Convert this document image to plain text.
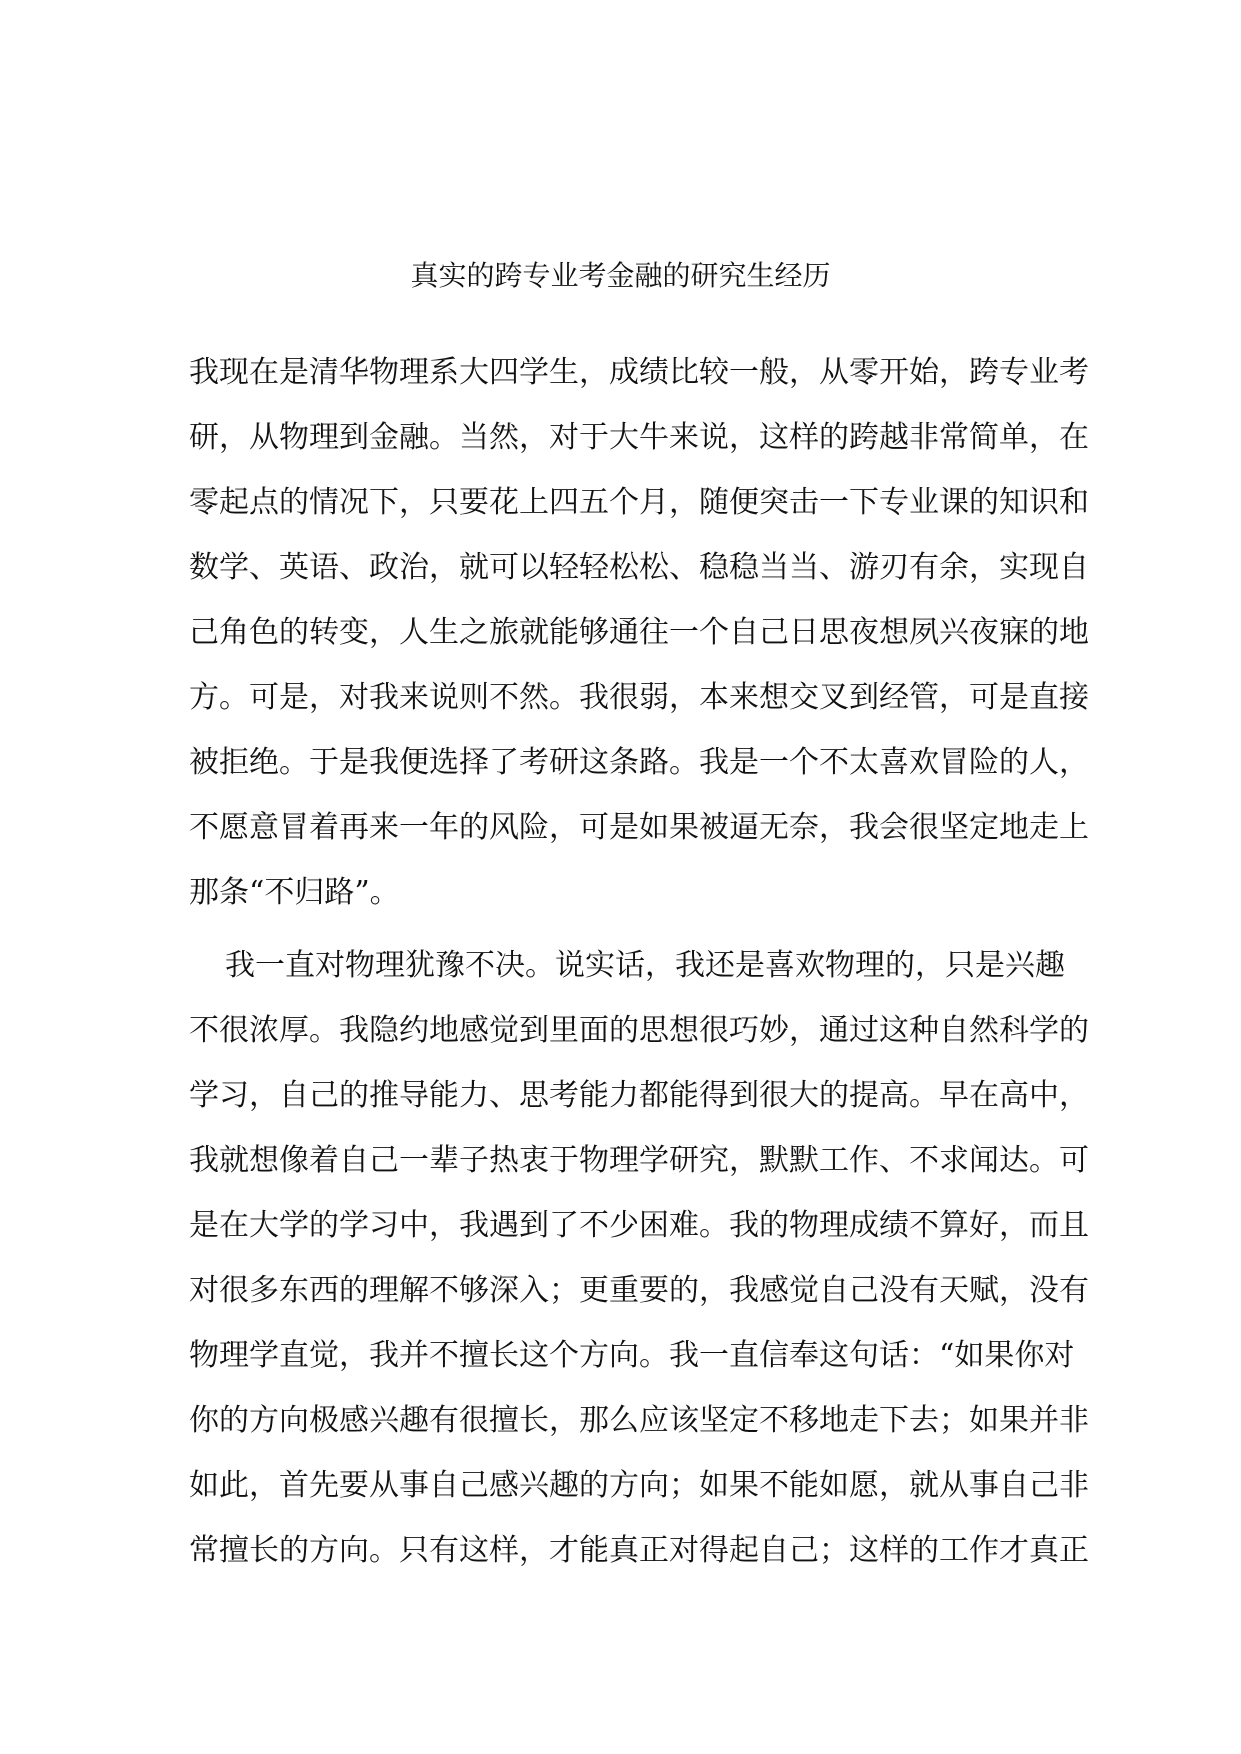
真实的跨专业考金融的研究生经历
我现在是清华物理系大四学生，成绩比较一般，从零开始，跨专业考
研，从物理到金融。当然，对于大牛来说，这样的跨越非常简单，在
零起点的情况下，只要花上四五个月，随便突击一下专业课的知识和
数学、英语、政治，就可以轻轻松松、稳稳当当、游刃有余，实现自
己角色的转变，人生之旅就能够通往一个自己日思夜想夙兴夜寐的地
方。可是，对我来说则不然。我很弱，本来想交叉到经管，可是直接
被拒绝。于是我便选择了考研这条路。我是一个不太喜欢冒险的人，
不愿意冒着再来一年的风险，可是如果被逼无奈，我会很坚定地走上
那条“不归路”。
我一直对物理犹豫不决。说实话，我还是喜欢物理的，只是兴趣
不很浓厚。我隐约地感觉到里面的思想很巧妙，通过这种自然科学的
学习，自己的推导能力、思考能力都能得到很大的提高。早在高中，
我就想像着自己一辈子热衷于物理学研究，默默工作、不求闻达。可
是在大学的学习中，我遇到了不少困难。我的物理成绩不算好，而且
对很多东西的理解不够深入；更重要的，我感觉自己没有天赋，没有
物理学直觉，我并不擅长这个方向。我一直信奉这句话：“如果你对
你的方向极感兴趣有很擅长，那么应该坚定不移地走下去；如果并非
如此，首先要从事自己感兴趣的方向；如果不能如愿，就从事自己非
常擅长的方向。只有这样，才能真正对得起自己；这样的工作才真正
